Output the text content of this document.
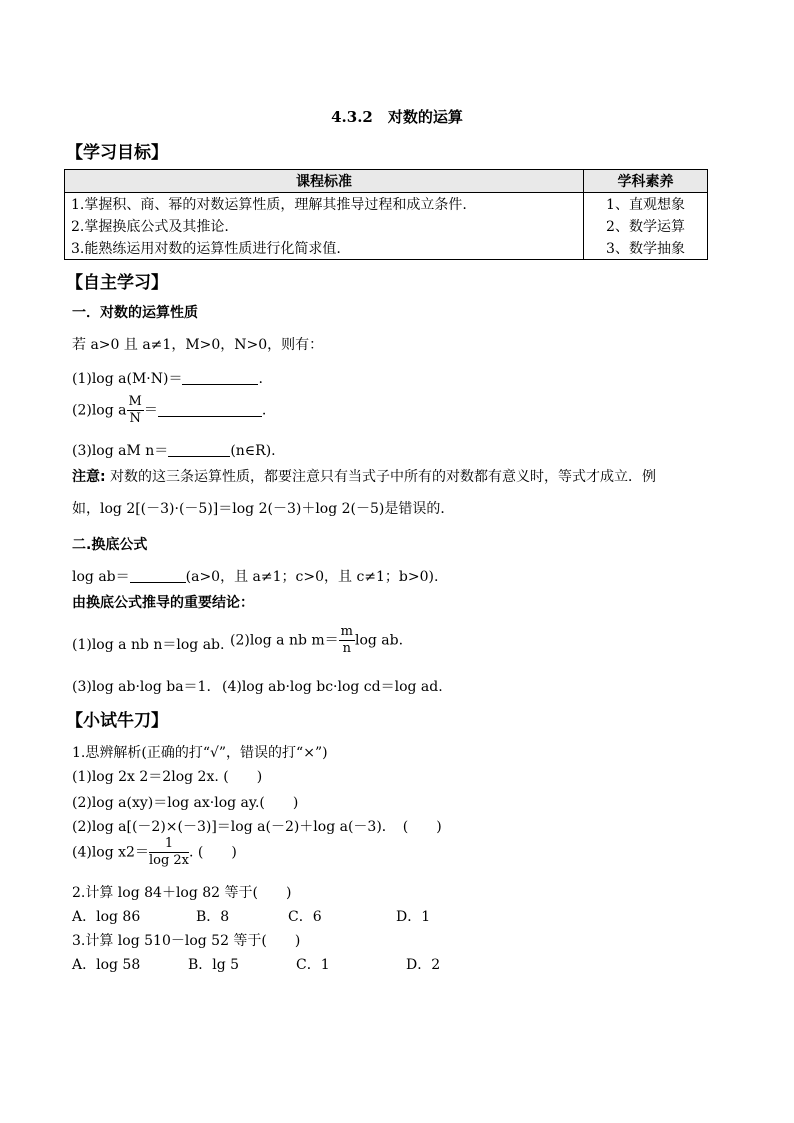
4.3.2　对数的运算
【学习目标】
课程标准	学科素养
1.掌握积、商、幂的对数运算性质，理解其推导过程和成立条件.	1、直观想象
2.掌握换底公式及其推论.	2、数学运算
3.能熟练运用对数的运算性质进行化简求值.	3、数学抽象
【自主学习】
一．对数的运算性质
若 a>0 且 a≠1，M>0，N>0，则有：
(1)log a(M·N)＝	.
(2)log a $\frac{M}{N}$ ＝	.
(3)log aM n＝	(n∈R).
注意: 对数的这三条运算性质，都要注意只有当式子中所有的对数都有意义时，等式才成立．例
如，log 2[(－3)·(－5)]＝log 2(－3)＋log 2(－5)是错误的．
二.换底公式
log ab＝	(a>0，且 a≠1；c>0，且 c≠1；b>0).
由换底公式推导的重要结论：
(1)log a nb n＝log ab. (2)log a nb $m= \frac{m}{n}$ log ab.
(3)log ab·log ba＝1. (4)log ab·log bc·log cd＝log ad.
【小试牛刀】
1.思辨解析(正确的打“√”，错误的打“×”)
(1)log 2x 2＝2log 2x. (　　)
(2)log a(xy)＝log ax·log ay.(　　)
(2)log a[(－2)×(－3)]＝log a(－2)＋log a(－3)．　(　　)
(4)log $x2= \frac{1}{\log 2x}$ . (　　)
2.计算 log 84＋log 82 等于(　　)
A．log 86	B．8	C．6	D．1
3.计算 log 510－log 52 等于(　　)
A．log 58	B．lg 5	C．1	D．2
